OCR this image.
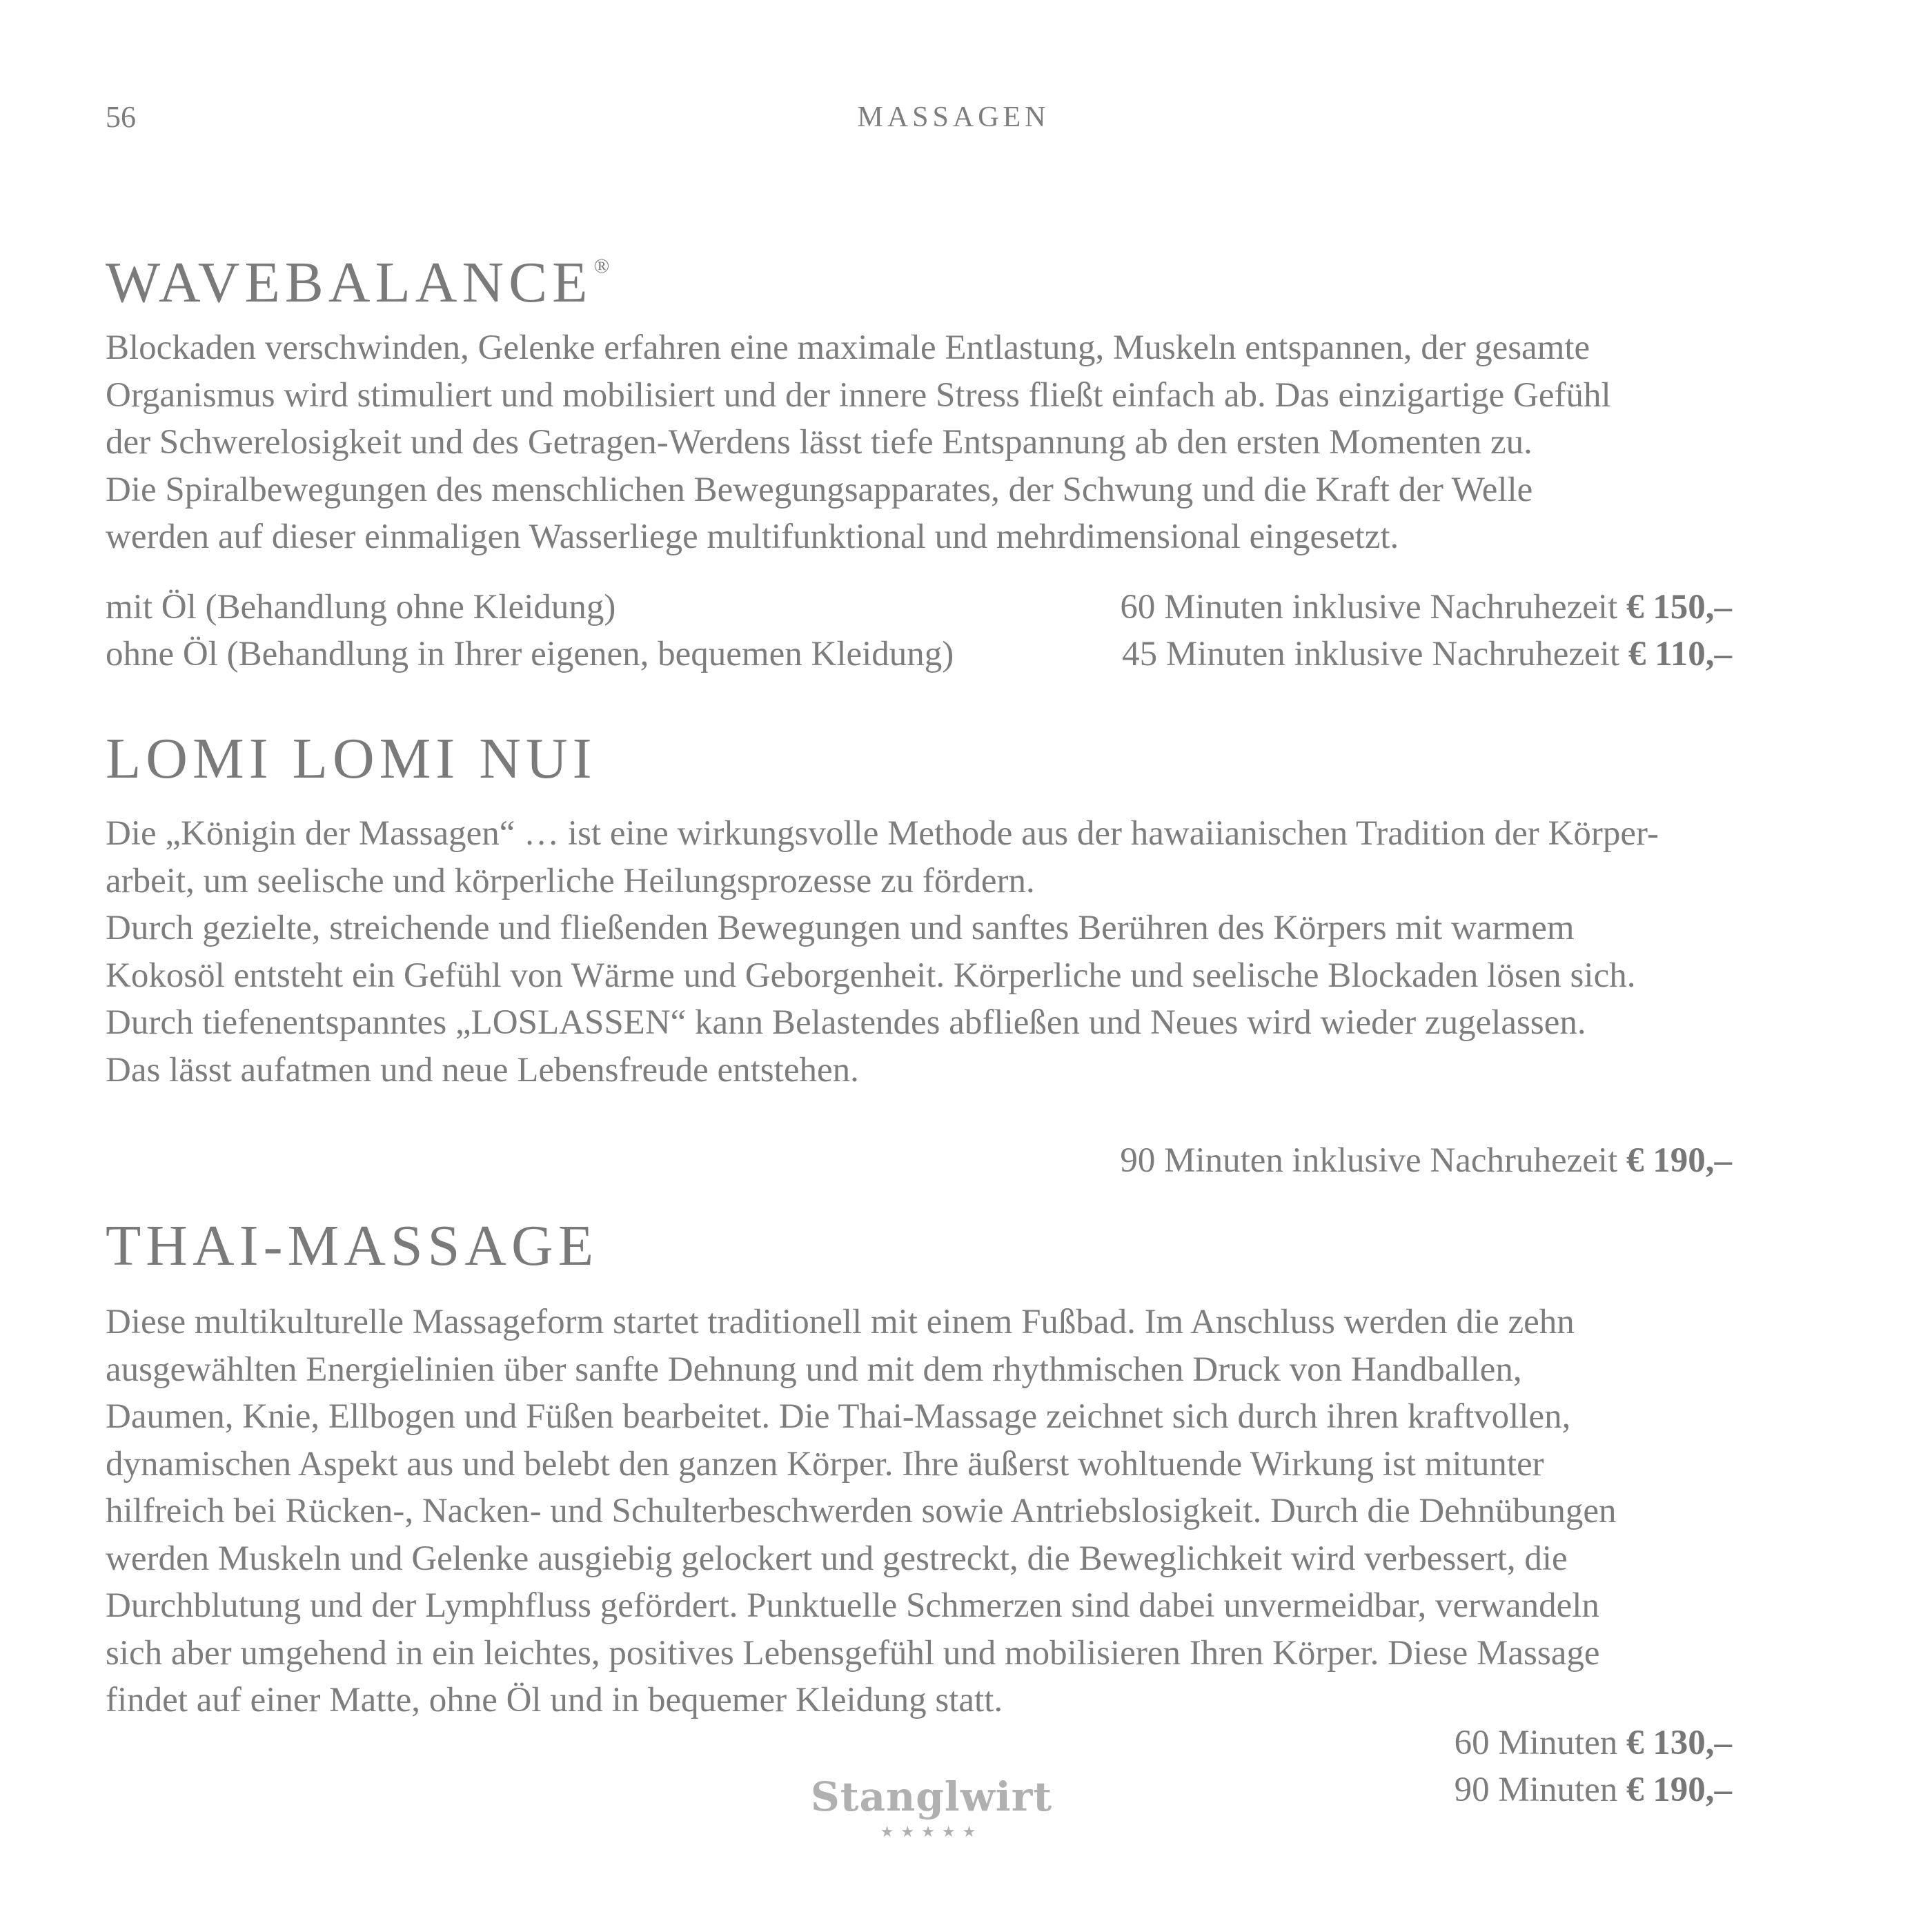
56	MASSAGEN
WAVEBALANCE®

Blockaden verschwinden, Gelenke erfahren eine maximale Entlastung, Muskeln entspannen, der gesamte
Organismus wird stimuliert und mobilisiert und der innere Stress fließt einfach ab. Das einzigartige Gefühl
der Schwerelosigkeit und des Getragen-Werdens lässt tiefe Entspannung ab den ersten Momenten zu.
Die Spiralbewegungen des menschlichen Bewegungsapparates, der Schwung und die Kraft der Welle
werden auf dieser einmaligen Wasserliege multifunktional und mehrdimensional eingesetzt.

mit Öl (Behandlung ohne Kleidung)
ohne Öl (Behandlung in Ihrer eigenen, bequemen Kleidung)
60 Minuten inklusive Nachruhezeit € 150,–
45 Minuten inklusive Nachruhezeit € 110,–
LOMI LOMI NUI

Die „Königin der Massagen“ … ist eine wirkungsvolle Methode aus der hawaiianischen Tradition der Körper-
arbeit, um seelische und körperliche Heilungsprozesse zu fördern.
Durch gezielte, streichende und fließenden Bewegungen und sanftes Berühren des Körpers mit warmem
Kokosöl entsteht ein Gefühl von Wärme und Geborgenheit. Körperliche und seelische Blockaden lösen sich.
Durch tiefenentspanntes „LOSLASSEN“ kann Belastendes abfließen und Neues wird wieder zugelassen.
Das lässt aufatmen und neue Lebensfreude entstehen.

90 Minuten inklusive Nachruhezeit € 190,–
THAI-MASSAGE

Diese multikulturelle Massageform startet traditionell mit einem Fußbad. Im Anschluss werden die zehn
ausgewählten Energielinien über sanfte Dehnung und mit dem rhythmischen Druck von Handballen,
Daumen, Knie, Ellbogen und Füßen bearbeitet. Die Thai-Massage zeichnet sich durch ihren kraftvollen,
dynamischen Aspekt aus und belebt den ganzen Körper. Ihre äußerst wohltuende Wirkung ist mitunter
hilfreich bei Rücken-, Nacken- und Schulterbeschwerden sowie Antriebslosigkeit. Durch die Dehnübungen
werden Muskeln und Gelenke ausgiebig gelockert und gestreckt, die Beweglichkeit wird verbessert, die
Durchblutung und der Lymphfluss gefördert. Punktuelle Schmerzen sind dabei unvermeidbar, verwandeln
sich aber umgehend in ein leichtes, positives Lebensgefühl und mobilisieren Ihren Körper. Diese Massage
findet auf einer Matte, ohne Öl und in bequemer Kleidung statt.

60 Minuten € 130,–
90 Minuten € 190,–
Stanglwirt
★★★★★
